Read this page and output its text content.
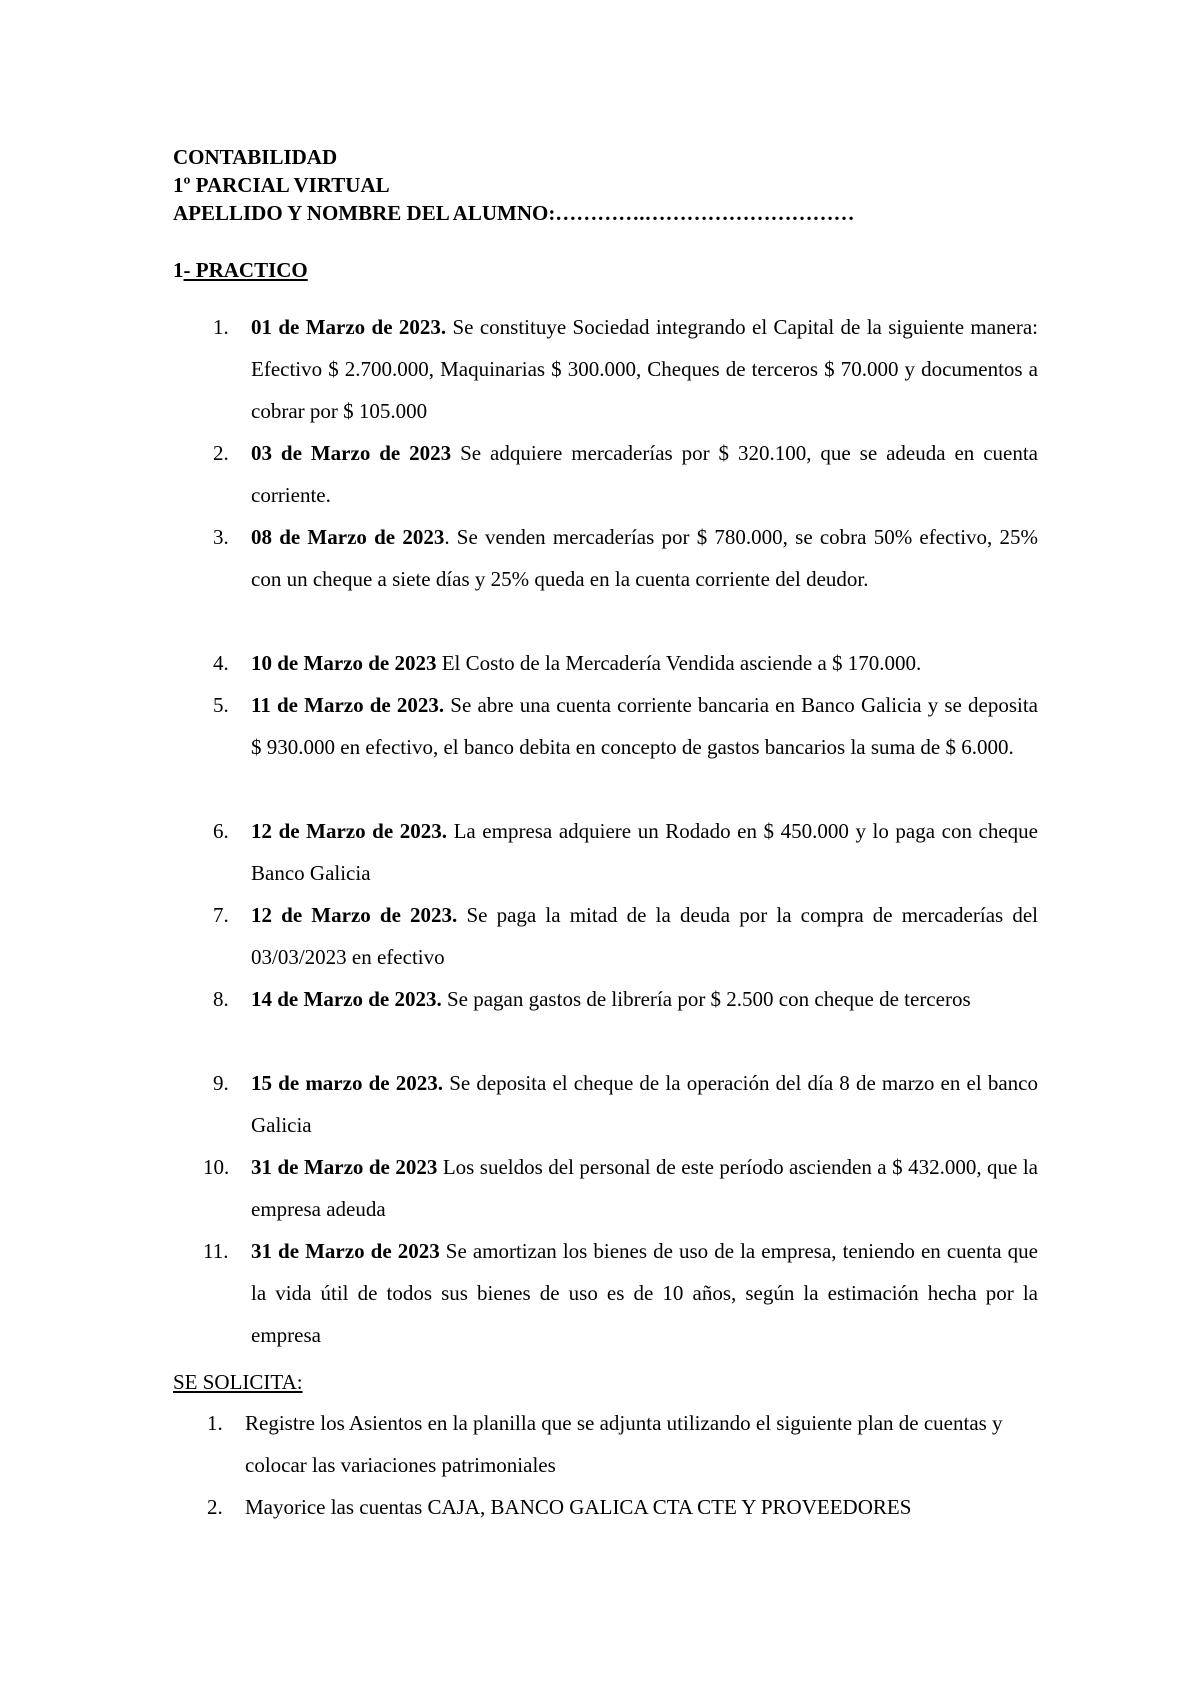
CONTABILIDAD
1º PARCIAL VIRTUAL
APELLIDO Y NOMBRE DEL ALUMNO:………….…………………………
1- PRACTICO
1.	01 de Marzo de 2023. Se constituye Sociedad integrando el Capital de la siguiente manera: Efectivo $ 2.700.000, Maquinarias $ 300.000, Cheques de terceros $ 70.000 y documentos a cobrar por $ 105.000
2.	03 de Marzo de 2023 Se adquiere mercaderías por $ 320.100, que se adeuda en cuenta corriente.
3.	08 de Marzo de 2023. Se venden mercaderías por $ 780.000, se cobra 50% efectivo, 25% con un cheque a siete días y 25% queda en la cuenta corriente del deudor.
4.	10 de Marzo de 2023 El Costo de la Mercadería Vendida asciende a $ 170.000.
5.	11 de Marzo de 2023. Se abre una cuenta corriente bancaria en Banco Galicia y se deposita $ 930.000 en efectivo, el banco debita en concepto de gastos bancarios la suma de $ 6.000.
6.	12 de Marzo de 2023. La empresa adquiere un Rodado en $ 450.000 y lo paga con cheque Banco Galicia
7.	12 de Marzo de 2023. Se paga la mitad de la deuda por la compra de mercaderías del 03/03/2023 en efectivo
8.	14 de Marzo de 2023. Se pagan gastos de librería por $ 2.500 con cheque de terceros
9.	15 de marzo de 2023. Se deposita el cheque de la operación del día 8 de marzo en el banco Galicia
10.	31 de Marzo de 2023 Los sueldos del personal de este período ascienden a $ 432.000, que la empresa adeuda
11.	31 de Marzo de 2023 Se amortizan los bienes de uso de la empresa, teniendo en cuenta que la vida útil de todos sus bienes de uso es de 10 años, según la estimación hecha por la empresa
SE SOLICITA:
1. Registre los Asientos en la planilla que se adjunta utilizando el siguiente plan de cuentas y colocar las variaciones patrimoniales
2. Mayorice las cuentas CAJA, BANCO GALICA CTA CTE Y PROVEEDORES
